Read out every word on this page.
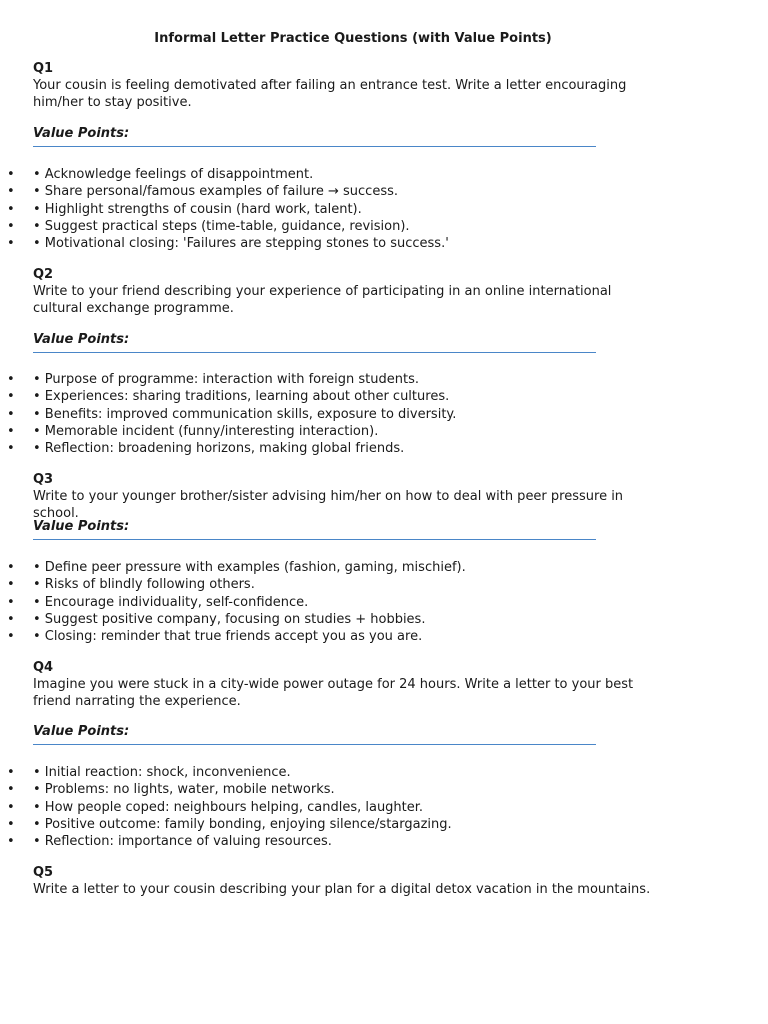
Informal Letter Practice Questions (with Value Points)
Q1
Your cousin is feeling demotivated after failing an entrance test. Write a letter encouraging him/her to stay positive.
Value Points:
• • Acknowledge feelings of disappointment.
• • Share personal/famous examples of failure → success.
• • Highlight strengths of cousin (hard work, talent).
• • Suggest practical steps (time-table, guidance, revision).
• • Motivational closing: 'Failures are stepping stones to success.'
Q2
Write to your friend describing your experience of participating in an online international cultural exchange programme.
Value Points:
• • Purpose of programme: interaction with foreign students.
• • Experiences: sharing traditions, learning about other cultures.
• • Benefits: improved communication skills, exposure to diversity.
• • Memorable incident (funny/interesting interaction).
• • Reflection: broadening horizons, making global friends.
Q3
Write to your younger brother/sister advising him/her on how to deal with peer pressure in school.
Value Points:
• • Define peer pressure with examples (fashion, gaming, mischief).
• • Risks of blindly following others.
• • Encourage individuality, self-confidence.
• • Suggest positive company, focusing on studies + hobbies.
• • Closing: reminder that true friends accept you as you are.
Q4
Imagine you were stuck in a city-wide power outage for 24 hours. Write a letter to your best friend narrating the experience.
Value Points:
• • Initial reaction: shock, inconvenience.
• • Problems: no lights, water, mobile networks.
• • How people coped: neighbours helping, candles, laughter.
• • Positive outcome: family bonding, enjoying silence/stargazing.
• • Reflection: importance of valuing resources.
Q5
Write a letter to your cousin describing your plan for a digital detox vacation in the mountains.
